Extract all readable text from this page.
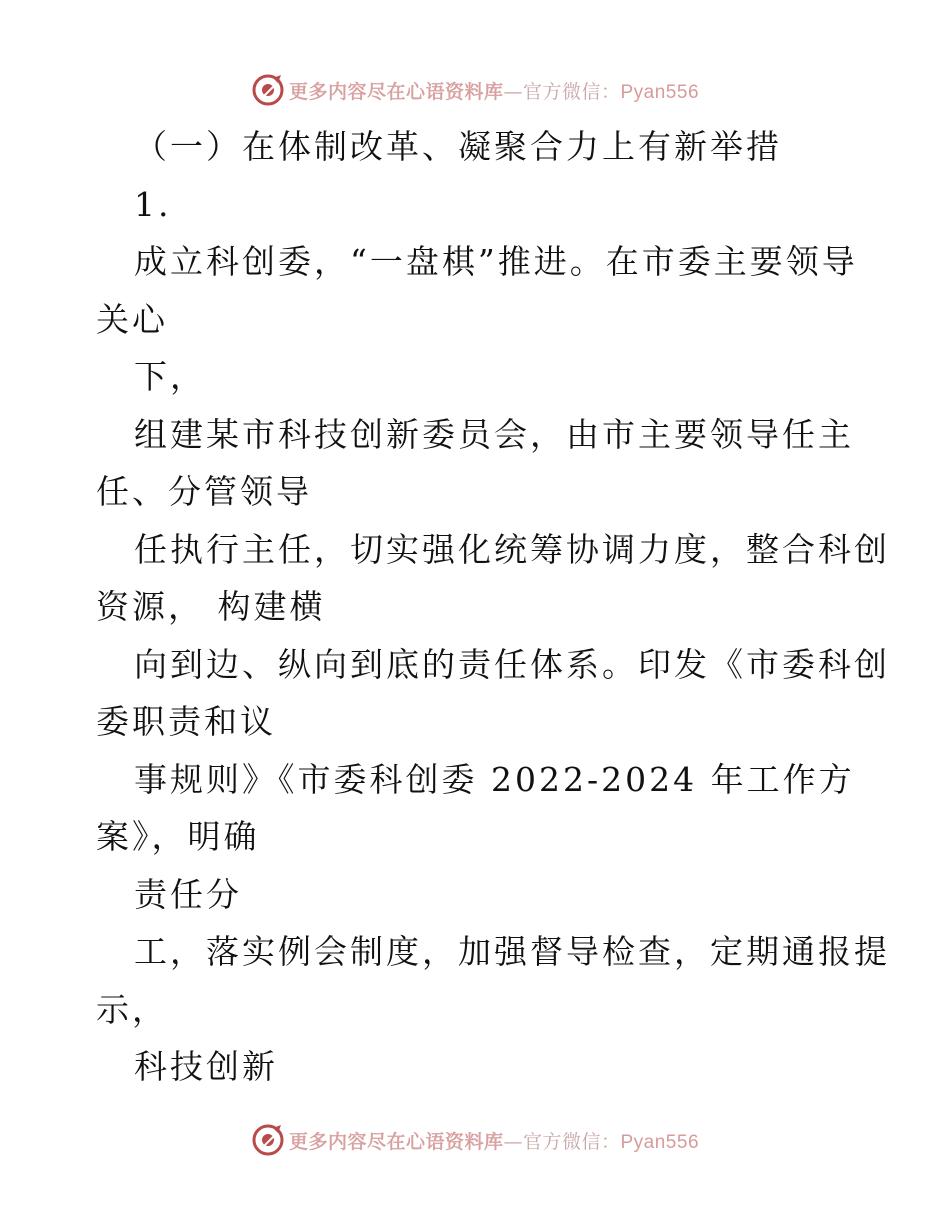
更多内容尽在心语资料库—官方微信：Pyan556
（一）在体制改革、凝聚合力上有新举措
1.
成立科创委，“一盘棋”推进。在市委主要领导
关心
下，
组建某市科技创新委员会，由市主要领导任主
任、分管领导
任执行主任，切实强化统筹协调力度，整合科创
资源， 构建横
向到边、纵向到底的责任体系。印发《市委科创
委职责和议
事规则》《市委科创委 2022-2024 年工作方
案》，明确
责任分
工，落实例会制度，加强督导检查，定期通报提
示，
科技创新
更多内容尽在心语资料库—官方微信：Pyan556
